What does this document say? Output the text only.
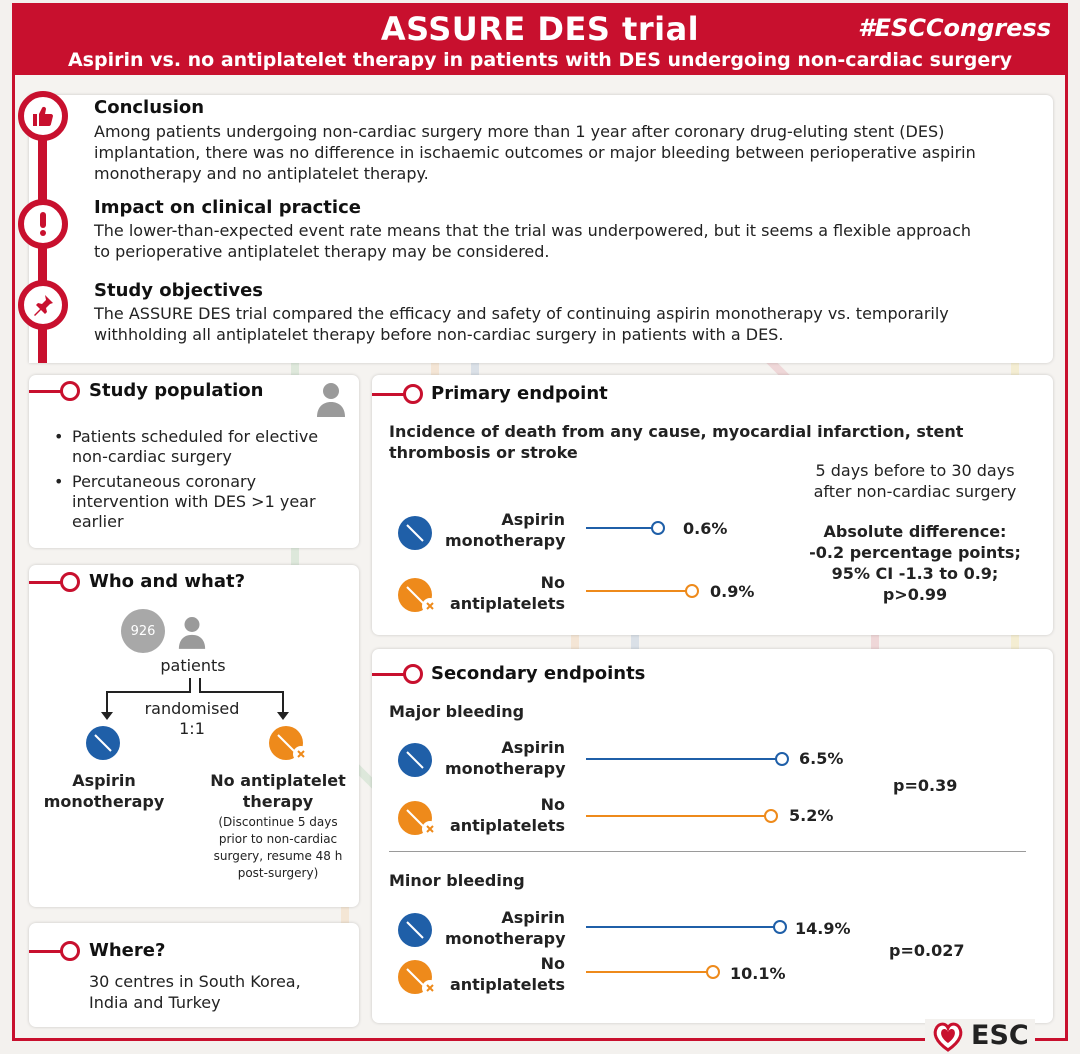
ASSURE DES trial	#ESCCongress
Aspirin vs. no antiplatelet therapy in patients with DES undergoing non-cardiac surgery
Conclusion
Among patients undergoing non-cardiac surgery more than 1 year after coronary drug-eluting stent (DES) implantation, there was no difference in ischaemic outcomes or major bleeding between perioperative aspirin monotherapy and no antiplatelet therapy.
Impact on clinical practice
The lower-than-expected event rate means that the trial was underpowered, but it seems a flexible approach to perioperative antiplatelet therapy may be considered.
Study objectives
The ASSURE DES trial compared the efficacy and safety of continuing aspirin monotherapy vs. temporarily withholding all antiplatelet therapy before non-cardiac surgery in patients with a DES.
Study population
• Patients scheduled for elective non-cardiac surgery
• Percutaneous coronary intervention with DES >1 year earlier
Who and what?
926
patients
randomised
1:1
Aspirin monotherapy
No antiplatelet therapy
(Discontinue 5 days prior to non-cardiac surgery, resume 48 h post-surgery)
Where?
30 centres in South Korea, India and Turkey
Primary endpoint
Incidence of death from any cause, myocardial infarction, stent thrombosis or stroke
5 days before to 30 days after non-cardiac surgery
Absolute difference: -0.2 percentage points; 95% CI -1.3 to 0.9; p>0.99
Aspirin monotherapy
0.6%
No antiplatelets
0.9%
Secondary endpoints
Major bleeding
Aspirin monotherapy
6.5%
No antiplatelets
5.2%
p=0.39
Minor bleeding
Aspirin monotherapy
14.9%
No antiplatelets
10.1%
p=0.027
ESC
